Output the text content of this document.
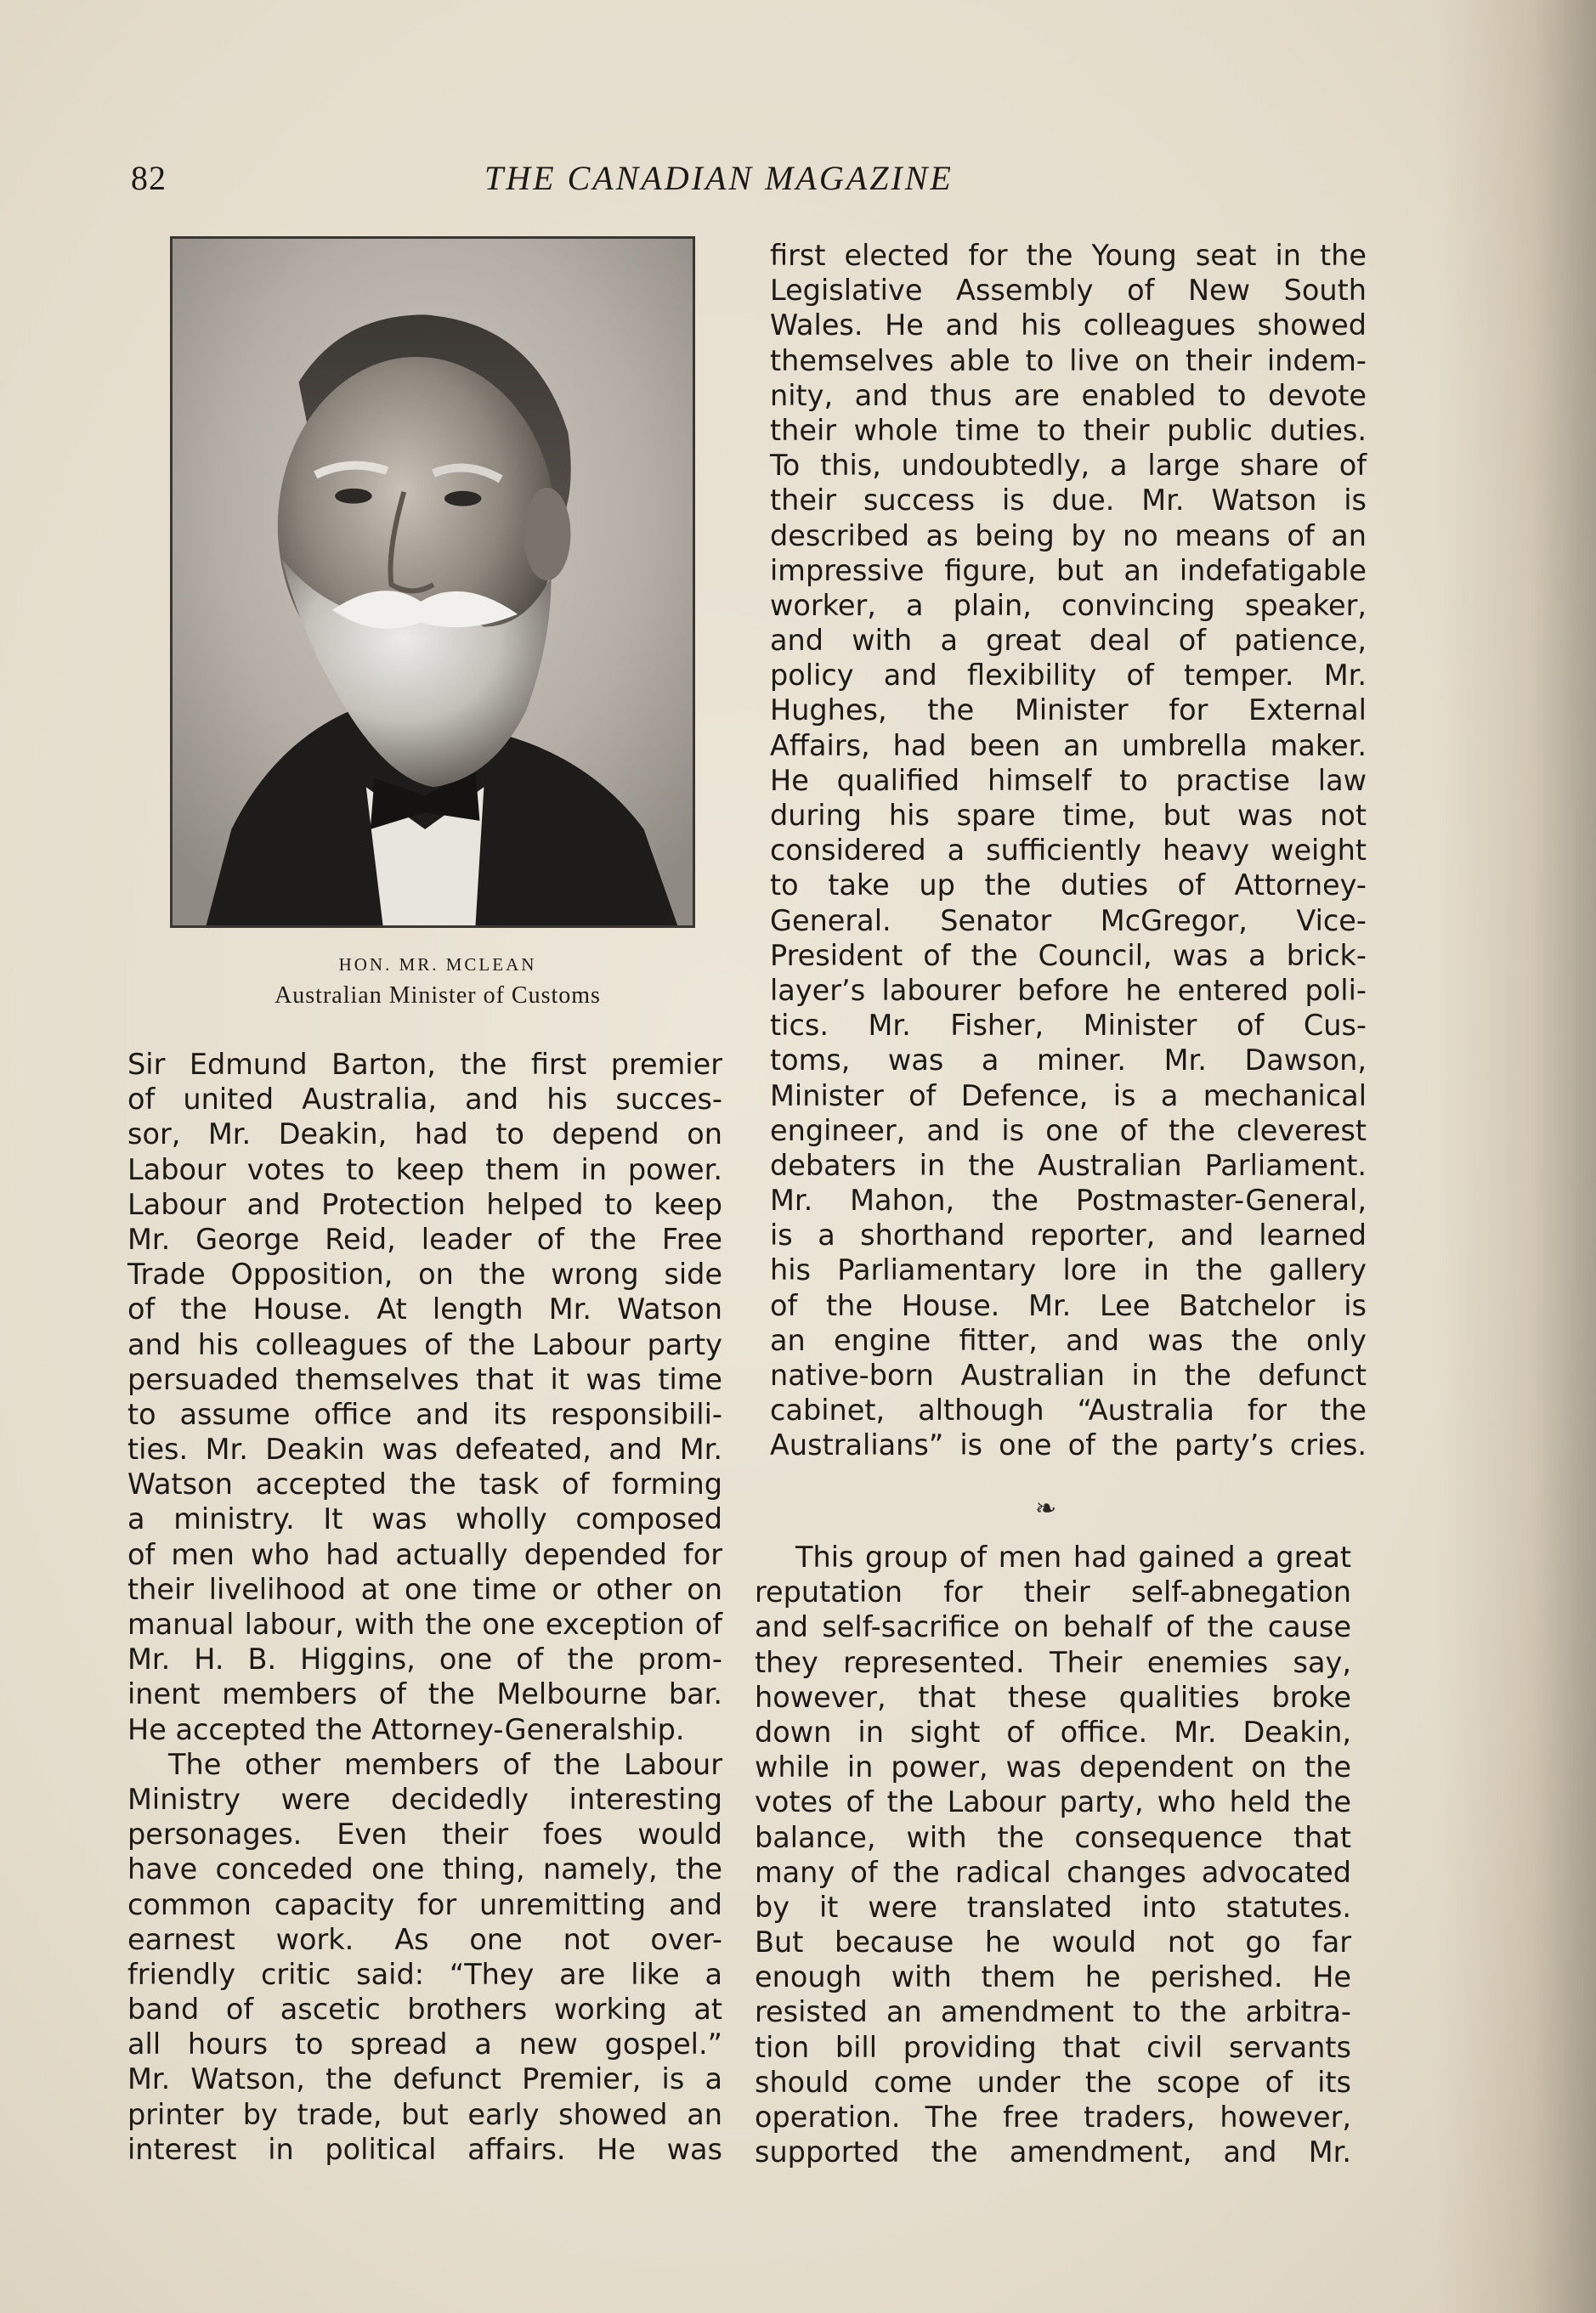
82	THE CANADIAN MAGAZINE
HON. MR. MCLEAN
Australian Minister of Customs
Sir Edmund Barton, the first premier
of united Australia, and his succes-
sor, Mr. Deakin, had to depend on
Labour votes to keep them in power.
Labour and Protection helped to keep
Mr. George Reid, leader of the Free
Trade Opposition, on the wrong side
of the House. At length Mr. Watson
and his colleagues of the Labour party
persuaded themselves that it was time
to assume office and its responsibili-
ties. Mr. Deakin was defeated, and Mr.
Watson accepted the task of forming
a ministry. It was wholly composed
of men who had actually depended for
their livelihood at one time or other on
manual labour, with the one exception of
Mr. H. B. Higgins, one of the prom-
inent members of the Melbourne bar.
He accepted the Attorney-Generalship.
The other members of the Labour
Ministry were decidedly interesting
personages. Even their foes would
have conceded one thing, namely, the
common capacity for unremitting and
earnest work. As one not over-
friendly critic said: “They are like a
band of ascetic brothers working at
all hours to spread a new gospel.”
Mr. Watson, the defunct Premier, is a
printer by trade, but early showed an
interest in political affairs. He was
first elected for the Young seat in the
Legislative Assembly of New South
Wales. He and his colleagues showed
themselves able to live on their indem-
nity, and thus are enabled to devote
their whole time to their public duties.
To this, undoubtedly, a large share of
their success is due. Mr. Watson is
described as being by no means of an
impressive figure, but an indefatigable
worker, a plain, convincing speaker,
and with a great deal of patience,
policy and flexibility of temper. Mr.
Hughes, the Minister for External
Affairs, had been an umbrella maker.
He qualified himself to practise law
during his spare time, but was not
considered a sufficiently heavy weight
to take up the duties of Attorney-
General. Senator McGregor, Vice-
President of the Council, was a brick-
layer’s labourer before he entered poli-
tics. Mr. Fisher, Minister of Cus-
toms, was a miner. Mr. Dawson,
Minister of Defence, is a mechanical
engineer, and is one of the cleverest
debaters in the Australian Parliament.
Mr. Mahon, the Postmaster-General,
is a shorthand reporter, and learned
his Parliamentary lore in the gallery
of the House. Mr. Lee Batchelor is
an engine fitter, and was the only
native-born Australian in the defunct
cabinet, although “Australia for the
Australians” is one of the party’s cries.
❧
This group of men had gained a great
reputation for their self-abnegation
and self-sacrifice on behalf of the cause
they represented. Their enemies say,
however, that these qualities broke
down in sight of office. Mr. Deakin,
while in power, was dependent on the
votes of the Labour party, who held the
balance, with the consequence that
many of the radical changes advocated
by it were translated into statutes.
But because he would not go far
enough with them he perished. He
resisted an amendment to the arbitra-
tion bill providing that civil servants
should come under the scope of its
operation. The free traders, however,
supported the amendment, and Mr.
